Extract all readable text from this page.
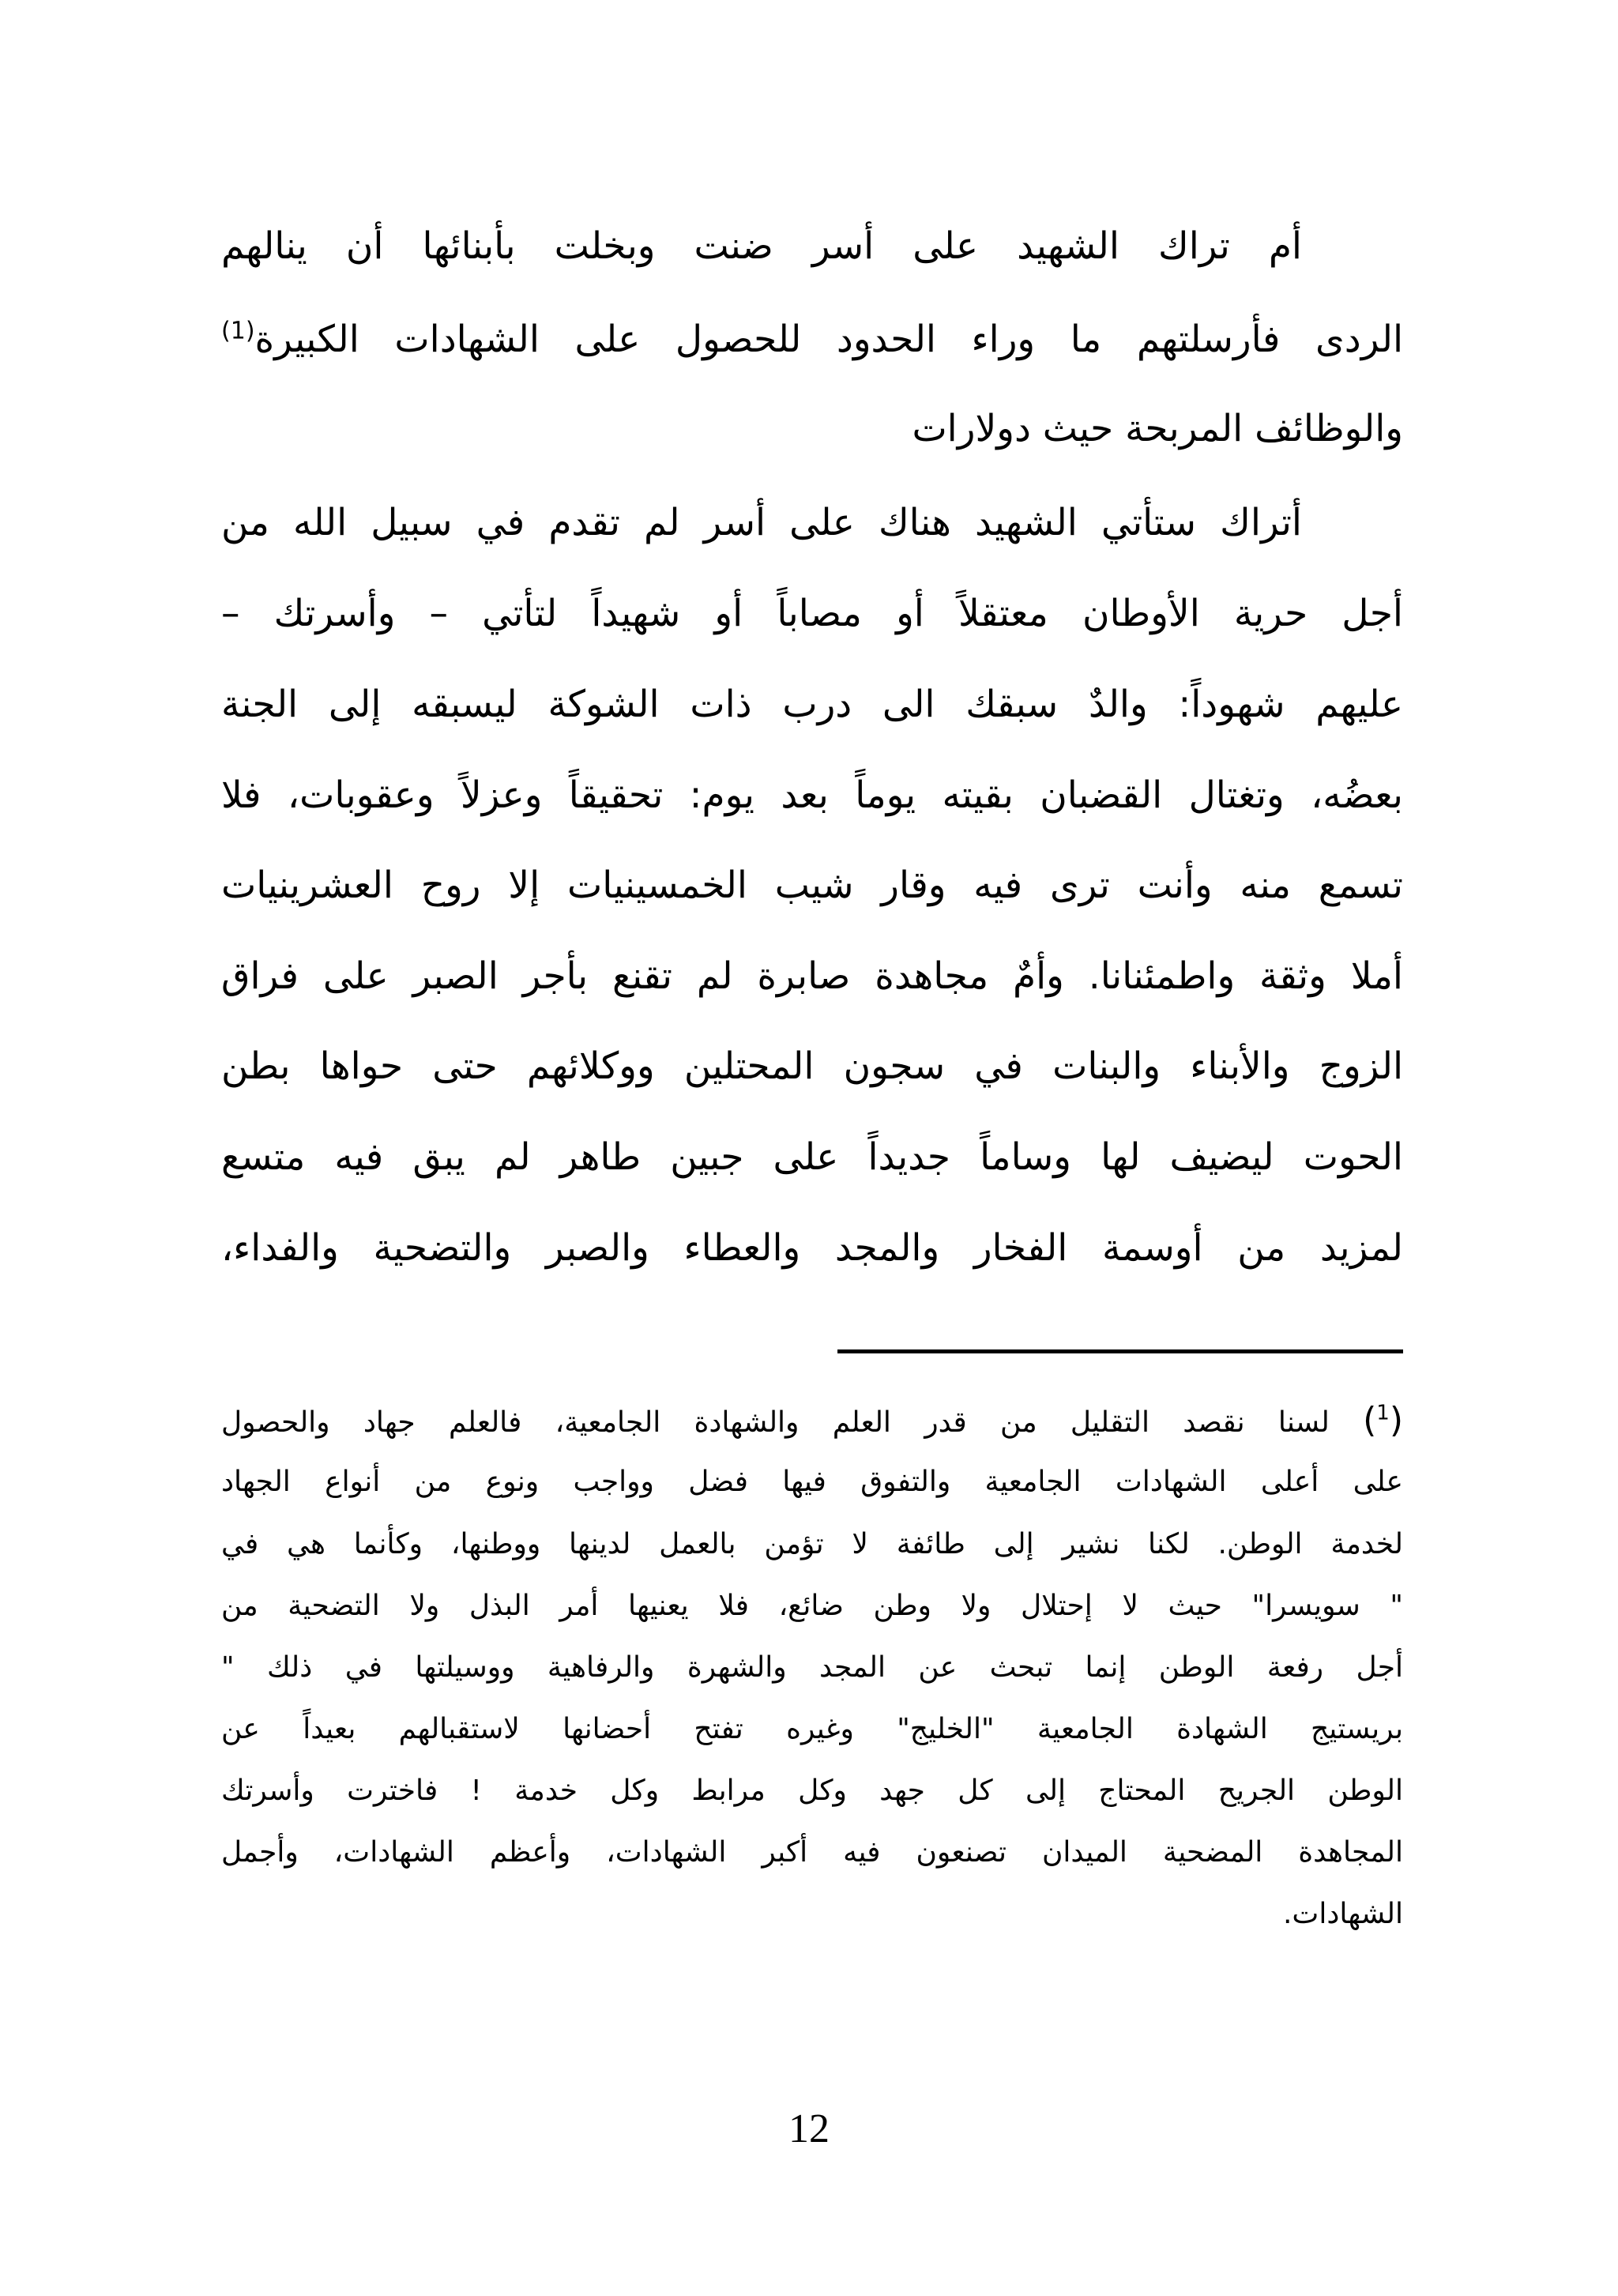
أم تراك الشهيد على أسر ضنت وبخلت بأبنائها أن ينالهم
الردى فأرسلتهم ما وراء الحدود للحصول على الشهادات الكبيرة$^{(1)}$
والوظائف المربحة حيث دولارات
أتراك ستأتي الشهيد هناك على أسر لم تقدم في سبيل الله من
أجل حرية الأوطان معتقلاً أو مصاباً أو شهيداً لتأتي – وأسرتك –
عليهم شهوداً: والدٌ سبقك الى درب ذات الشوكة ليسبقه إلى الجنة
بعضُه، وتغتال القضبان بقيته يوماً بعد يوم: تحقيقاً وعزلاً وعقوبات، فلا
تسمع منه وأنت ترى فيه وقار شيب الخمسينيات إلا روح العشرينيات
أملا وثقة واطمئنانا. وأمٌ مجاهدة صابرة لم تقنع بأجر الصبر على فراق
الزوج والأبناء والبنات في سجون المحتلين ووكلائهم حتى حواها بطن
الحوت ليضيف لها وساماً جديداً على جبين طاهر لم يبق فيه متسع
لمزيد من أوسمة الفخار والمجد والعطاء والصبر والتضحية والفداء،
($^1$) لسنا نقصد التقليل من قدر العلم والشهادة الجامعية، فالعلم جهاد والحصول
على أعلى الشهادات الجامعية والتفوق فيها فضل وواجب ونوع من أنواع الجهاد
لخدمة الوطن. لكنا نشير إلى طائفة لا تؤمن بالعمل لدينها ووطنها، وكأنما هي في
" سويسرا" حيث لا إحتلال ولا وطن ضائع، فلا يعنيها أمر البذل ولا التضحية من
أجل رفعة الوطن إنما تبحث عن المجد والشهرة والرفاهية ووسيلتها في ذلك "
بريستيج الشهادة الجامعية "الخليج" وغيره تفتح أحضانها لاستقبالهم بعيداً عن
الوطن الجريح المحتاج إلى كل جهد وكل مرابط وكل خدمة ! فاخترت وأسرتك
المجاهدة المضحية الميدان تصنعون فيه أكبر الشهادات، وأعظم الشهادات، وأجمل
الشهادات.
12
